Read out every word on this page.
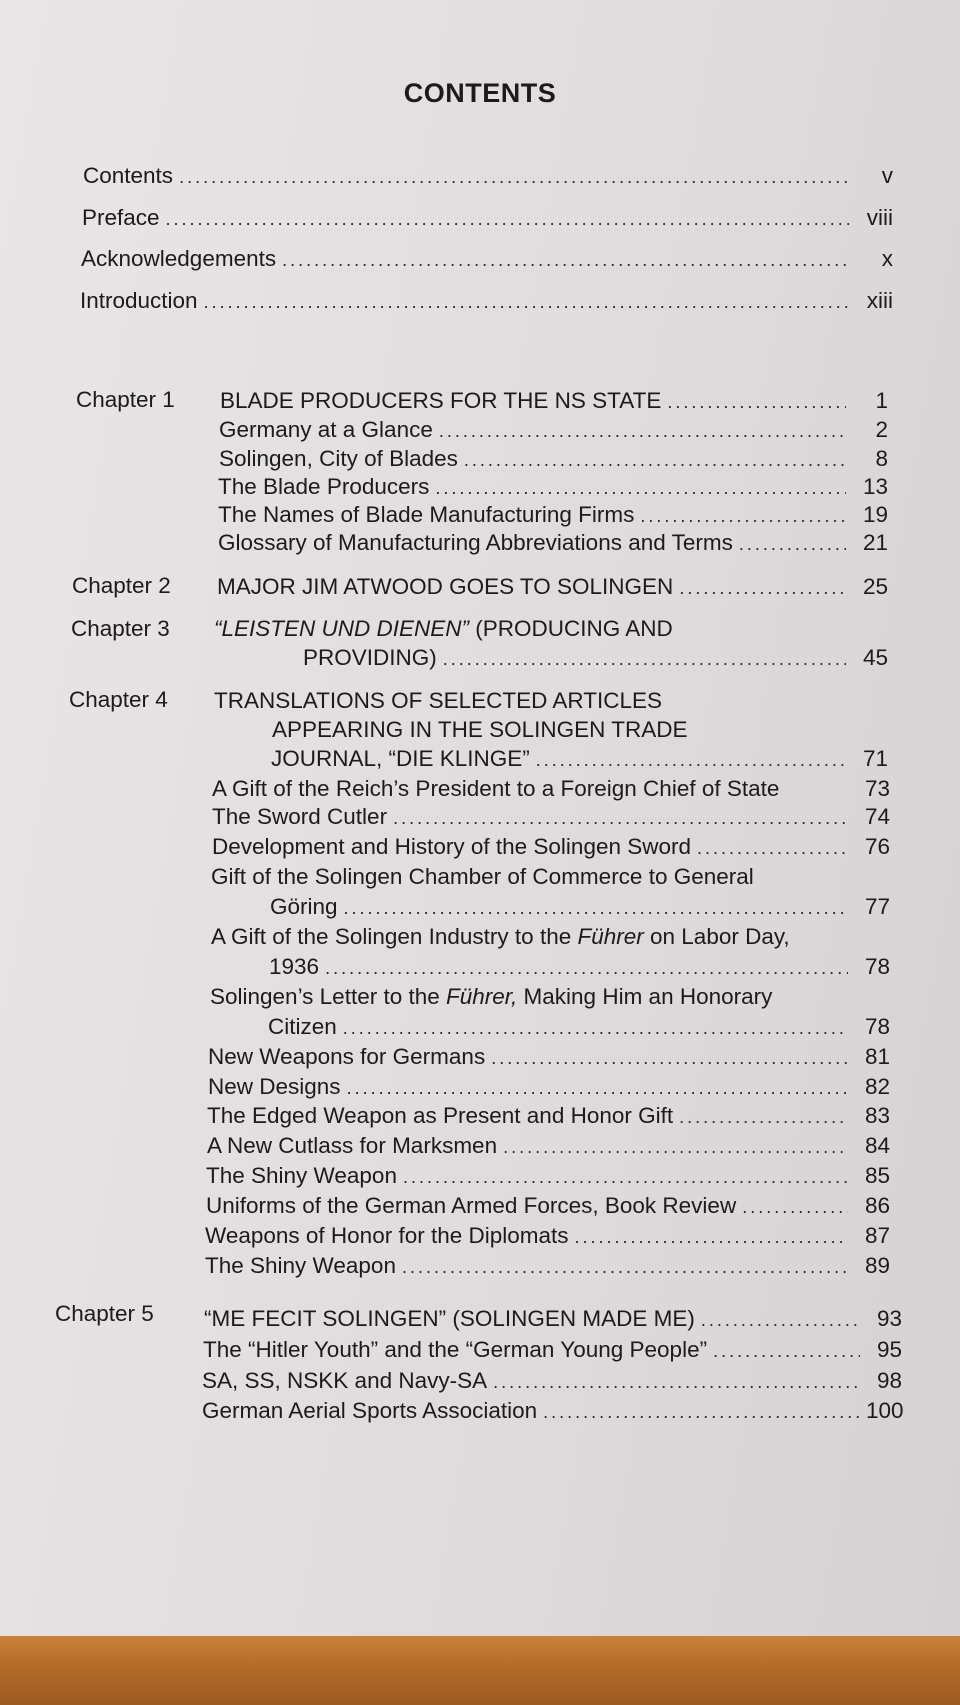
CONTENTS
Contents . . .	v
Preface . . .	viii
Acknowledgements . . .	x
Introduction . . .	xiii
Chapter 1 BLADE PRODUCERS FOR THE NS STATE . . .	1
Germany at a Glance . . .	2
Solingen, City of Blades . . .	8
The Blade Producers . . .	13
The Names of Blade Manufacturing Firms . . .	19
Glossary of Manufacturing Abbreviations and Terms . . .	21
Chapter 2 MAJOR JIM ATWOOD GOES TO SOLINGEN . . .	25
Chapter 3 “LEISTEN UND DIENEN” (PRODUCING AND
PROVIDING) . . .	45
Chapter 4 TRANSLATIONS OF SELECTED ARTICLES
APPEARING IN THE SOLINGEN TRADE
JOURNAL, “DIE KLINGE” . . .	71
A Gift of the Reich’s President to a Foreign Chief of State	73
The Sword Cutler . . .	74
Development and History of the Solingen Sword . . .	76
Gift of the Solingen Chamber of Commerce to General
Göring . . .	77
A Gift of the Solingen Industry to the Führer on Labor Day,
1936 . . .	78
Solingen’s Letter to the Führer, Making Him an Honorary
Citizen . . .	78
New Weapons for Germans . . .	81
New Designs . . .	82
The Edged Weapon as Present and Honor Gift . . .	83
A New Cutlass for Marksmen . . .	84
The Shiny Weapon . . .	85
Uniforms of the German Armed Forces, Book Review . . .	86
Weapons of Honor for the Diplomats . . .	87
The Shiny Weapon . . .	89
Chapter 5 “ME FECIT SOLINGEN” (SOLINGEN MADE ME) . . .	93
The “Hitler Youth” and the “German Young People” . . .	95
SA, SS, NSKK and Navy-SA . . .	98
German Aerial Sports Association . . .	100
